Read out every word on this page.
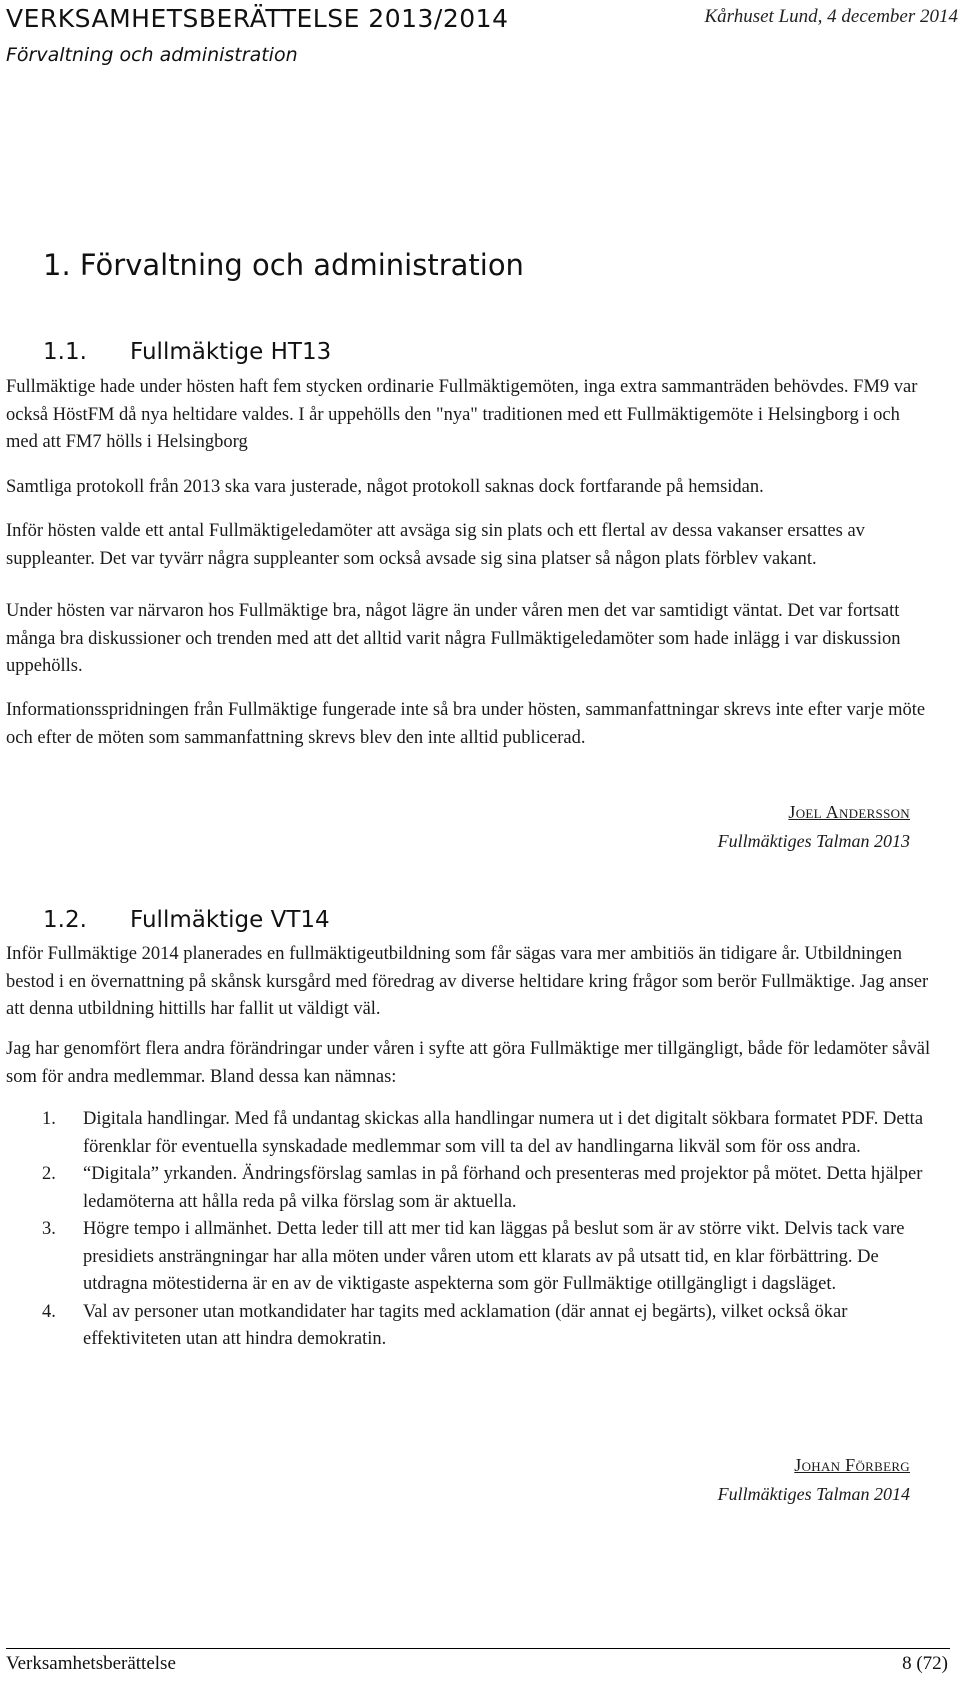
VERKSAMHETSBERÄTTELSE 2013/2014	Kårhuset Lund, 4 december 2014
Förvaltning och administration
1. Förvaltning och administration
1.1. Fullmäktige HT13

Fullmäktige hade under hösten haft fem stycken ordinarie Fullmäktigemöten, inga extra sammanträden behövdes. FM9 var också HöstFM då nya heltidare valdes. I år uppehölls den "nya" traditionen med ett Fullmäktigemöte i Helsingborg i och med att FM7 hölls i Helsingborg

Samtliga protokoll från 2013 ska vara justerade, något protokoll saknas dock fortfarande på hemsidan.

Inför hösten valde ett antal Fullmäktigeledamöter att avsäga sig sin plats och ett flertal av dessa vakanser ersattes av suppleanter. Det var tyvärr några suppleanter som också avsade sig sina platser så någon plats förblev vakant.

Under hösten var närvaron hos Fullmäktige bra, något lägre än under våren men det var samtidigt väntat. Det var fortsatt många bra diskussioner och trenden med att det alltid varit några Fullmäktigeledamöter som hade inlägg i var diskussion uppehölls.

Informationsspridningen från Fullmäktige fungerade inte så bra under hösten, sammanfattningar skrevs inte efter varje möte och efter de möten som sammanfattning skrevs blev den inte alltid publicerad.

Joel Andersson
Fullmäktiges Talman 2013
1.2. Fullmäktige VT14

Inför Fullmäktige 2014 planerades en fullmäktigeutbildning som får sägas vara mer ambitiös än tidigare år. Utbildningen bestod i en övernattning på skånsk kursgård med föredrag av diverse heltidare kring frågor som berör Fullmäktige. Jag anser att denna utbildning hittills har fallit ut väldigt väl.

Jag har genomfört flera andra förändringar under våren i syfte att göra Fullmäktige mer tillgängligt, både för ledamöter såväl som för andra medlemmar. Bland dessa kan nämnas:

1. Digitala handlingar. Med få undantag skickas alla handlingar numera ut i det digitalt sökbara formatet PDF. Detta förenklar för eventuella synskadade medlemmar som vill ta del av handlingarna likväl som för oss andra.
2. “Digitala” yrkanden. Ändringsförslag samlas in på förhand och presenteras med projektor på mötet. Detta hjälper ledamöterna att hålla reda på vilka förslag som är aktuella.
3. Högre tempo i allmänhet. Detta leder till att mer tid kan läggas på beslut som är av större vikt. Delvis tack vare presidiets ansträngningar har alla möten under våren utom ett klarats av på utsatt tid, en klar förbättring. De utdragna mötestiderna är en av de viktigaste aspekterna som gör Fullmäktige otillgängligt i dagsläget.
4. Val av personer utan motkandidater har tagits med acklamation (där annat ej begärts), vilket också ökar effektiviteten utan att hindra demokratin.
Johan Förberg
Fullmäktiges Talman 2014
Verksamhetsberättelse	8 (72)
